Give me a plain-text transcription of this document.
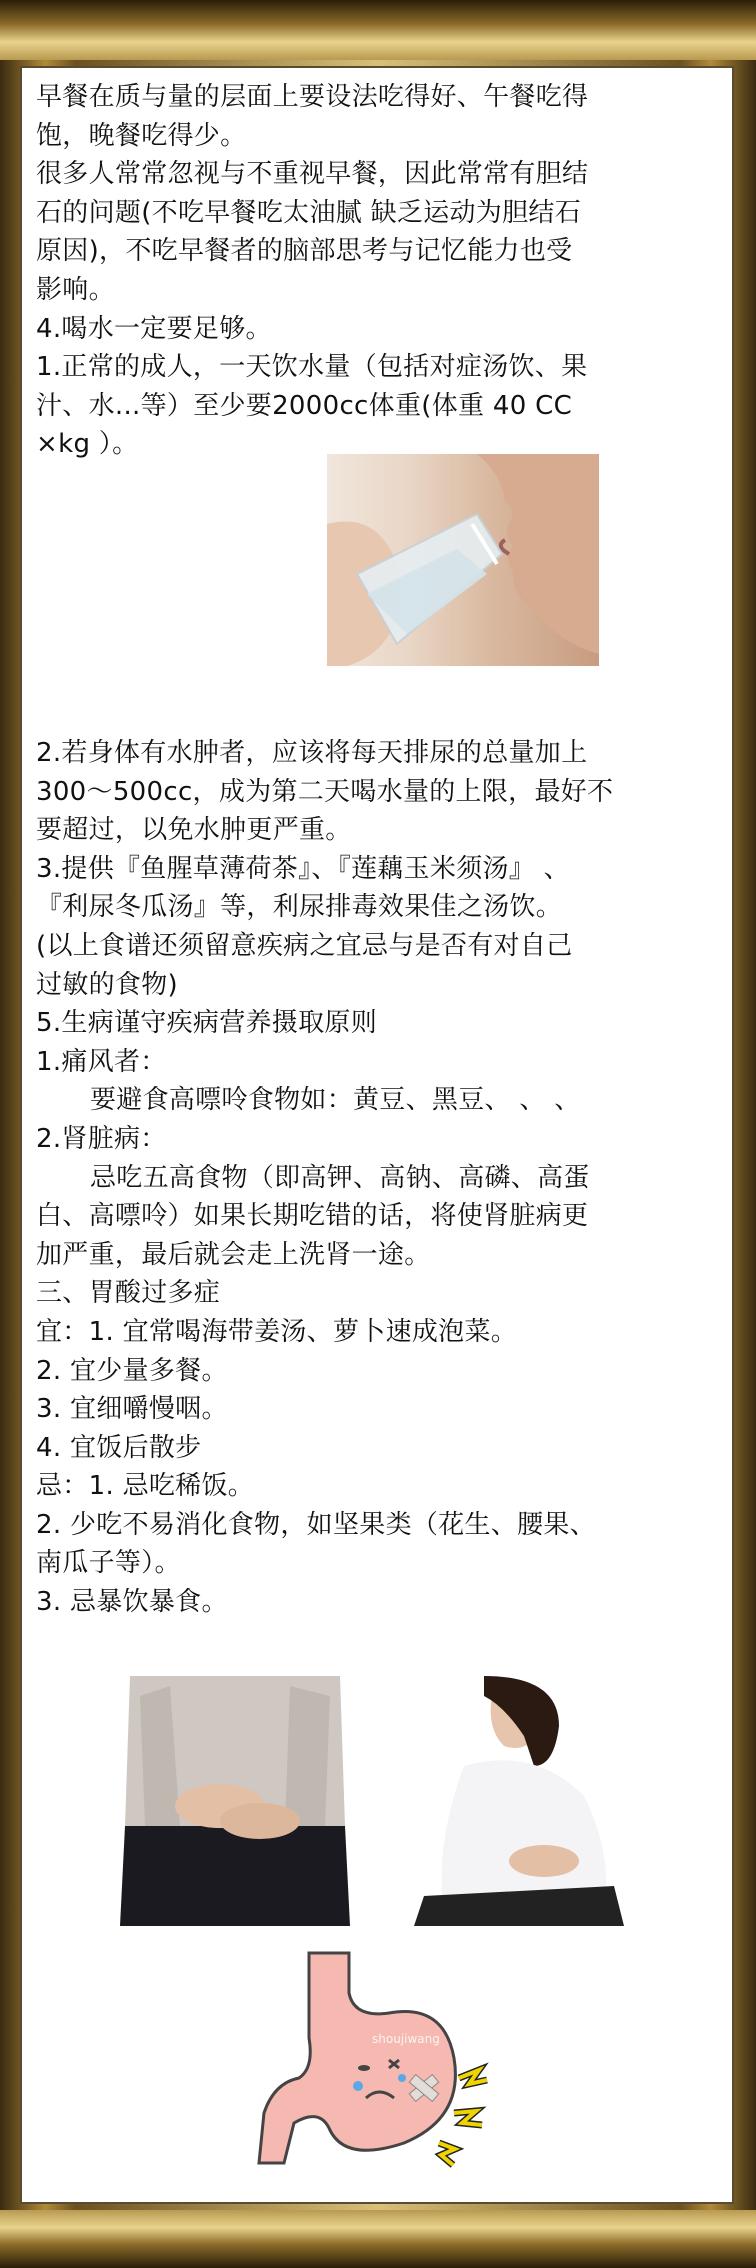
早餐在质与量的层面上要设法吃得好、午餐吃得

饱，晚餐吃得少。

很多人常常忽视与不重视早餐，因此常常有胆结

石的问题(不吃早餐吃太油腻 缺乏运动为胆结石

原因)，不吃早餐者的脑部思考与记忆能力也受

影响。

4.喝水一定要足够。

1.正常的成人，一天饮水量（包括对症汤饮、果

汁、水...等）至少要2000cc体重(体重 40 CC

×kg ）。

2.若身体有水肿者，应该将每天排尿的总量加上

300～500cc，成为第二天喝水量的上限，最好不

要超过，以免水肿更严重。

3.提供『鱼腥草薄荷茶』、『莲藕玉米须汤』 、

『利尿冬瓜汤』等，利尿排毒效果佳之汤饮。

(以上食谱还须留意疾病之宜忌与是否有对自己

过敏的食物)

5.生病谨守疾病营养摄取原则

1.痛风者：

要避食高嘌呤食物如：黄豆、黑豆、 、 、

2.肾脏病：

忌吃五高食物（即高钾、高钠、高磷、高蛋

白、高嘌呤）如果长期吃错的话，将使肾脏病更

加严重，最后就会走上洗肾一途。

三、胃酸过多症

宜：1. 宜常喝海带姜汤、萝卜速成泡菜。

2. 宜少量多餐。

3. 宜细嚼慢咽。

4. 宜饭后散步

忌：1. 忌吃稀饭。

2. 少吃不易消化食物，如坚果类（花生、腰果、

南瓜子等）。

3. 忌暴饮暴食。

shoujiwang
